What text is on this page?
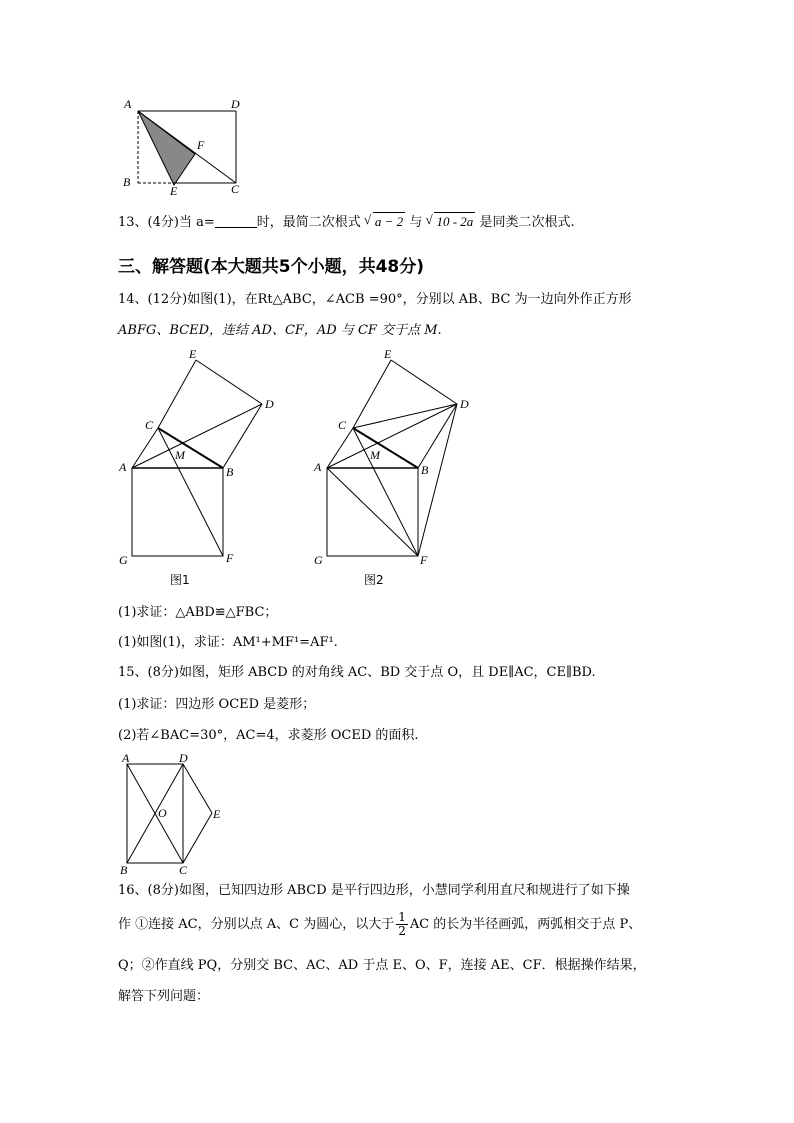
A	D
F
B
E	C
13、(4分)当 a=	时，最简二次根式 √ a − 2 与 √ 10 - 2a 是同类二次根式.
三、解答题(本大题共5个小题，共48分)
14、(12分)如图(1)，在Rt△ABC，∠ACB =90°，分别以 AB、BC 为一边向外作正方形
ABFG、BCED，连结 AD、CF，AD 与 CF 交于点 M.
E
D
C
M
A	B
G	F
图1
E
D
C
M
A	B
G	F
图2
(1)求证：△ABD≌△FBC；
(1)如图(1)，求证：AM¹+MF¹=AF¹.
15、(8分)如图，矩形 ABCD 的对角线 AC、BD 交于点 O，且 DE∥AC，CE∥BD.
(1)求证：四边形 OCED 是菱形；
(2)若∠BAC=30°，AC=4，求菱形 OCED 的面积.
A	D
O	E
B	C
16、(8分)如图，已知四边形 ABCD 是平行四边形，小慧同学利用直尺和规进行了如下操
作 ①连接 AC，分别以点 A、C 为圆心，以大于 $\frac{1}{2}$ AC 的长为半径画弧，两弧相交于点 P、
Q；②作直线 PQ，分别交 BC、AC、AD 于点 E、O、F，连接 AE、CF．根据操作结果，
解答下列问题：
